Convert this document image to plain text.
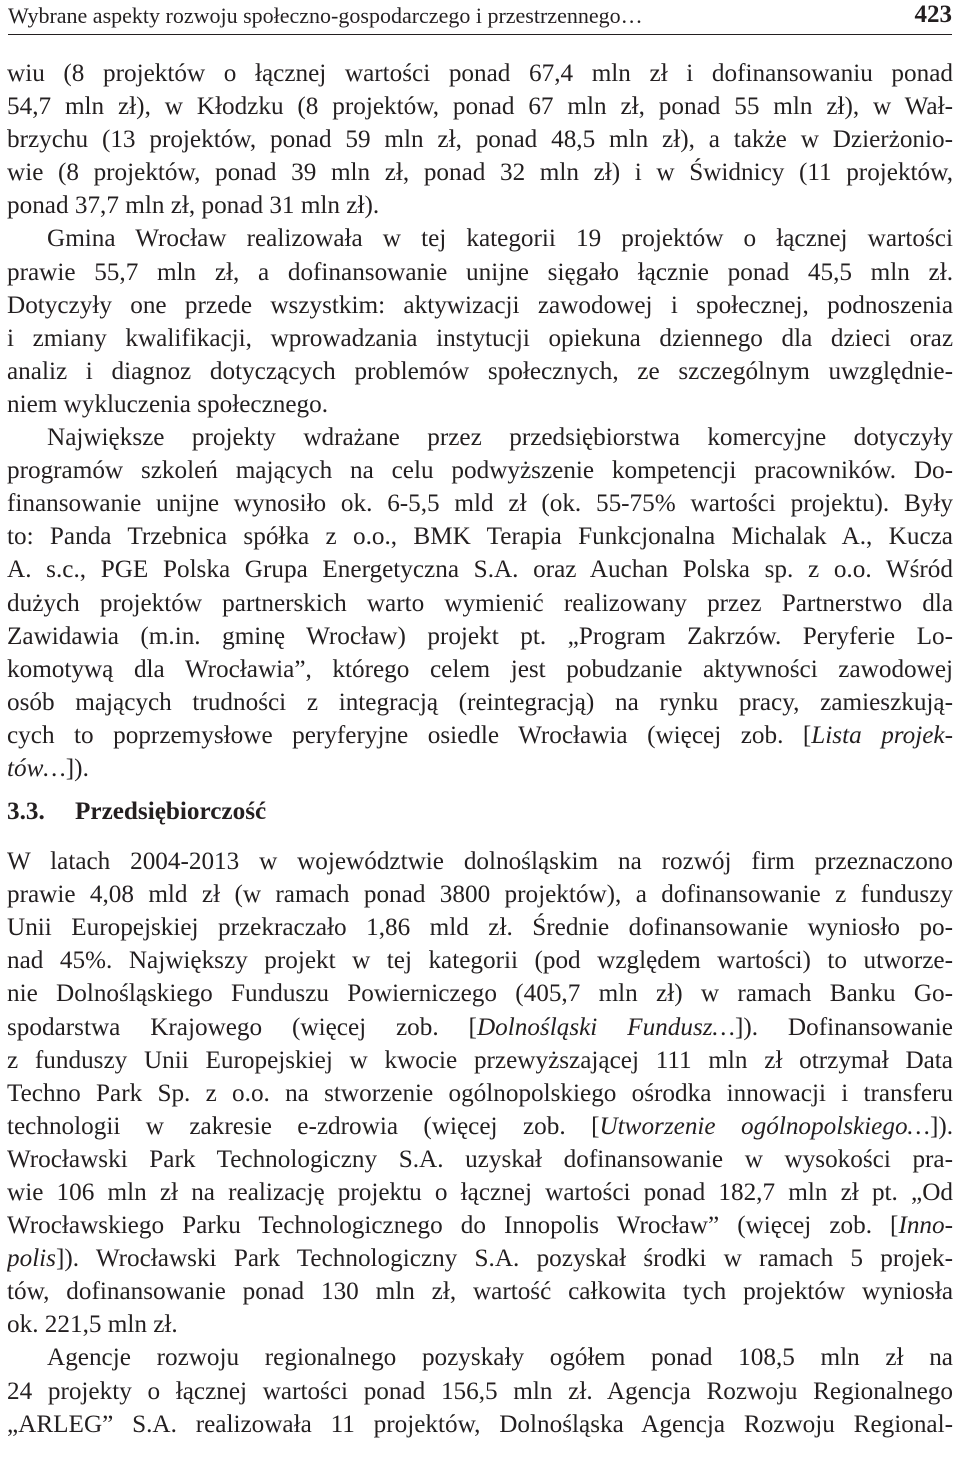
Wybrane aspekty rozwoju społeczno-gospodarczego i przestrzennego…	423
wiu (8 projektów o łącznej wartości ponad 67,4 mln zł i dofinansowaniu ponad
54,7 mln zł), w Kłodzku (8 projektów, ponad 67 mln zł, ponad 55 mln zł), w Wał-
brzychu (13 projektów, ponad 59 mln zł, ponad 48,5 mln zł), a także w Dzierżonio-
wie (8 projektów, ponad 39 mln zł, ponad 32 mln zł) i w Świdnicy (11 projektów,
ponad 37,7 mln zł, ponad 31 mln zł).
Gmina Wrocław realizowała w tej kategorii 19 projektów o łącznej wartości
prawie 55,7 mln zł, a dofinansowanie unijne sięgało łącznie ponad 45,5 mln zł.
Dotyczyły one przede wszystkim: aktywizacji zawodowej i społecznej, podnoszenia
i zmiany kwalifikacji, wprowadzania instytucji opiekuna dziennego dla dzieci oraz
analiz i diagnoz dotyczących problemów społecznych, ze szczególnym uwzględnie-
niem wykluczenia społecznego.
Największe projekty wdrażane przez przedsiębiorstwa komercyjne dotyczyły
programów szkoleń mających na celu podwyższenie kompetencji pracowników. Do-
finansowanie unijne wynosiło ok. 6-5,5 mld zł (ok. 55-75% wartości projektu). Były
to: Panda Trzebnica spółka z o.o., BMK Terapia Funkcjonalna Michalak A., Kucza
A. s.c., PGE Polska Grupa Energetyczna S.A. oraz Auchan Polska sp. z o.o. Wśród
dużych projektów partnerskich warto wymienić realizowany przez Partnerstwo dla
Zawidawia (m.in. gminę Wrocław) projekt pt. „Program Zakrzów. Peryferie Lo-
komotywą dla Wrocławia”, którego celem jest pobudzanie aktywności zawodowej
osób mających trudności z integracją (reintegracją) na rynku pracy, zamieszkują-
cych to poprzemysłowe peryferyjne osiedle Wrocławia (więcej zob. [Lista projek-
tów…]).
3.3. Przedsiębiorczość
W latach 2004-2013 w województwie dolnośląskim na rozwój firm przeznaczono
prawie 4,08 mld zł (w ramach ponad 3800 projektów), a dofinansowanie z funduszy
Unii Europejskiej przekraczało 1,86 mld zł. Średnie dofinansowanie wyniosło po-
nad 45%. Największy projekt w tej kategorii (pod względem wartości) to utworze-
nie Dolnośląskiego Funduszu Powierniczego (405,7 mln zł) w ramach Banku Go-
spodarstwa Krajowego (więcej zob. [Dolnośląski Fundusz…]). Dofinansowanie
z funduszy Unii Europejskiej w kwocie przewyższającej 111 mln zł otrzymał Data
Techno Park Sp. z o.o. na stworzenie ogólnopolskiego ośrodka innowacji i transferu
technologii w zakresie e-zdrowia (więcej zob. [Utworzenie ogólnopolskiego…]).
Wrocławski Park Technologiczny S.A. uzyskał dofinansowanie w wysokości pra-
wie 106 mln zł na realizację projektu o łącznej wartości ponad 182,7 mln zł pt. „Od
Wrocławskiego Parku Technologicznego do Innopolis Wrocław” (więcej zob. [Inno-
polis]). Wrocławski Park Technologiczny S.A. pozyskał środki w ramach 5 projek-
tów, dofinansowanie ponad 130 mln zł, wartość całkowita tych projektów wyniosła
ok. 221,5 mln zł.
Agencje rozwoju regionalnego pozyskały ogółem ponad 108,5 mln zł na
24 projekty o łącznej wartości ponad 156,5 mln zł. Agencja Rozwoju Regionalnego
„ARLEG” S.A. realizowała 11 projektów, Dolnośląska Agencja Rozwoju Regional-
